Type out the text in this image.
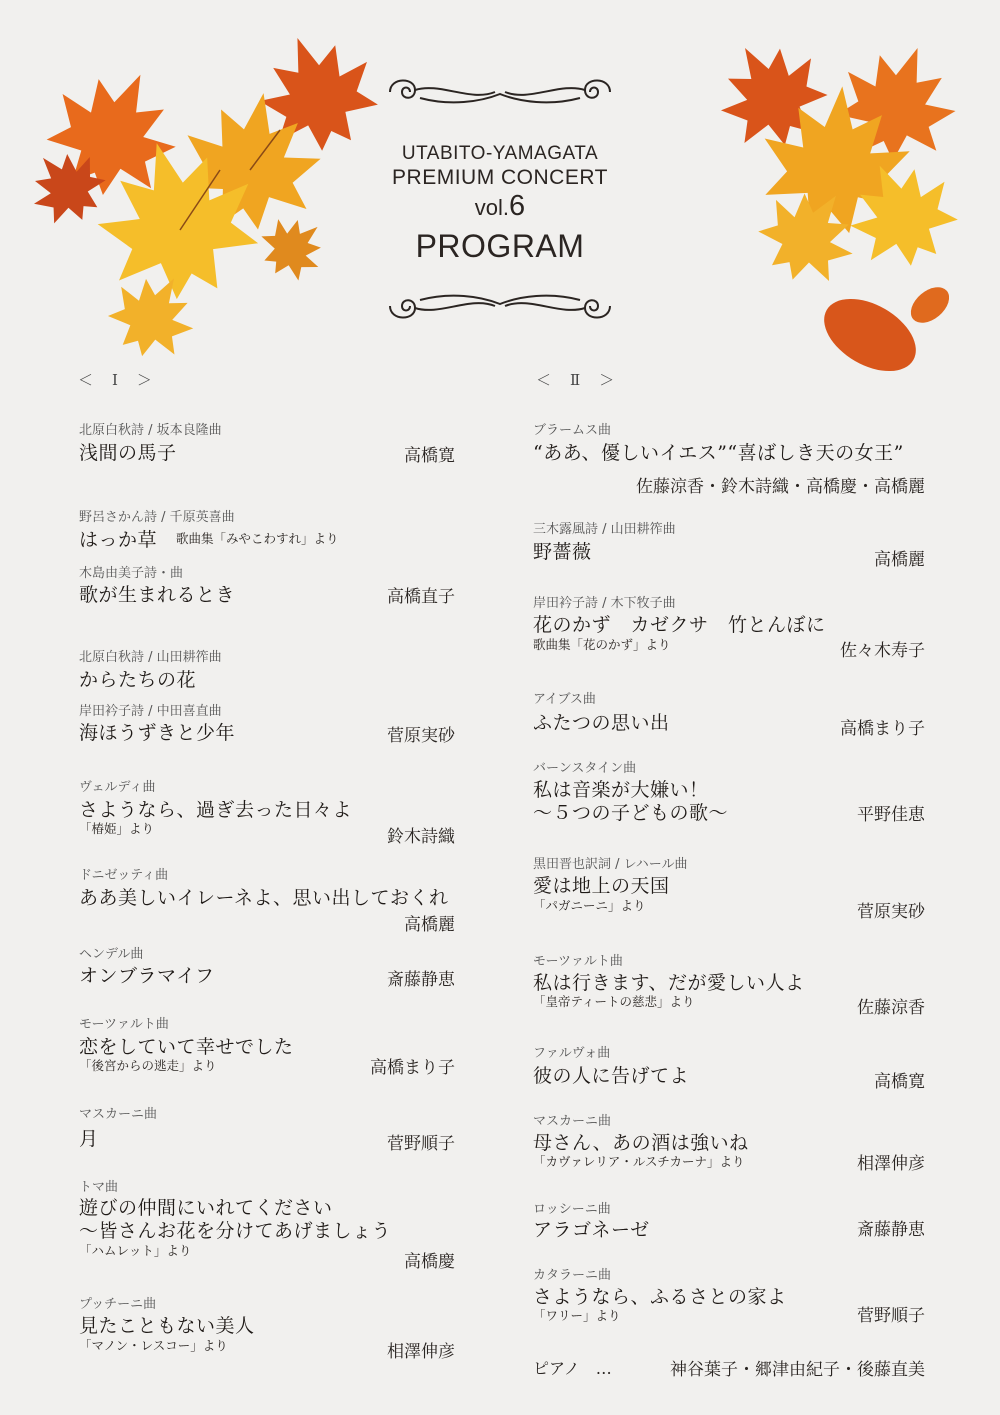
UTABITO-YAMAGATA
PREMIUM CONCERT
vol.6
PROGRAM
＜　Ⅰ　＞
北原白秋詩 / 坂本良隆曲
浅間の馬子	高橋寛
野呂さかん詩 / 千原英喜曲
はっか草 歌曲集「みやこわすれ」より
木島由美子詩・曲
歌が生まれるとき	高橋直子
北原白秋詩 / 山田耕筰曲
からたちの花
岸田衿子詩 / 中田喜直曲
海ほうずきと少年	菅原実砂
ヴェルディ曲
さようなら、過ぎ去った日々よ
「椿姫」より	鈴木詩織
ドニゼッティ曲
ああ美しいイレーネよ、思い出しておくれ
高橋麗
ヘンデル曲
オンブラマイフ	斎藤静恵
モーツァルト曲
恋をしていて幸せでした
「後宮からの逃走」より	高橋まり子
マスカーニ曲
月	菅野順子
トマ曲
遊びの仲間にいれてください
～皆さんお花を分けてあげましょう
「ハムレット」より
高橋慶
プッチーニ曲
見たこともない美人
「マノン・レスコー」より	相澤伸彦
＜　Ⅱ　＞
ブラームス曲
“ああ、優しいイエス”“喜ばしき天の女王”
佐藤涼香・鈴木詩織・高橋慶・高橋麗
三木露風詩 / 山田耕筰曲
野薔薇	高橋麗
岸田衿子詩 / 木下牧子曲
花のかず　カゼクサ　竹とんぼに
歌曲集「花のかず」より	佐々木寿子
アイブス曲
ふたつの思い出	高橋まり子
バーンスタイン曲
私は音楽が大嫌い！
～５つの子どもの歌～	平野佳恵
黒田晋也訳詞 / レハール曲
愛は地上の天国
「パガニーニ」より	菅原実砂
モーツァルト曲
私は行きます、だが愛しい人よ
「皇帝ティートの慈悲」より	佐藤涼香
ファルヴォ曲
彼の人に告げてよ	高橋寛
マスカーニ曲
母さん、あの酒は強いね
「カヴァレリア・ルスチカーナ」より	相澤伸彦
ロッシーニ曲
アラゴネーゼ	斎藤静恵
カタラーニ曲
さようなら、ふるさとの家よ
「ワリー」より	菅野順子
ピアノ　…	神谷葉子・郷津由紀子・後藤直美
